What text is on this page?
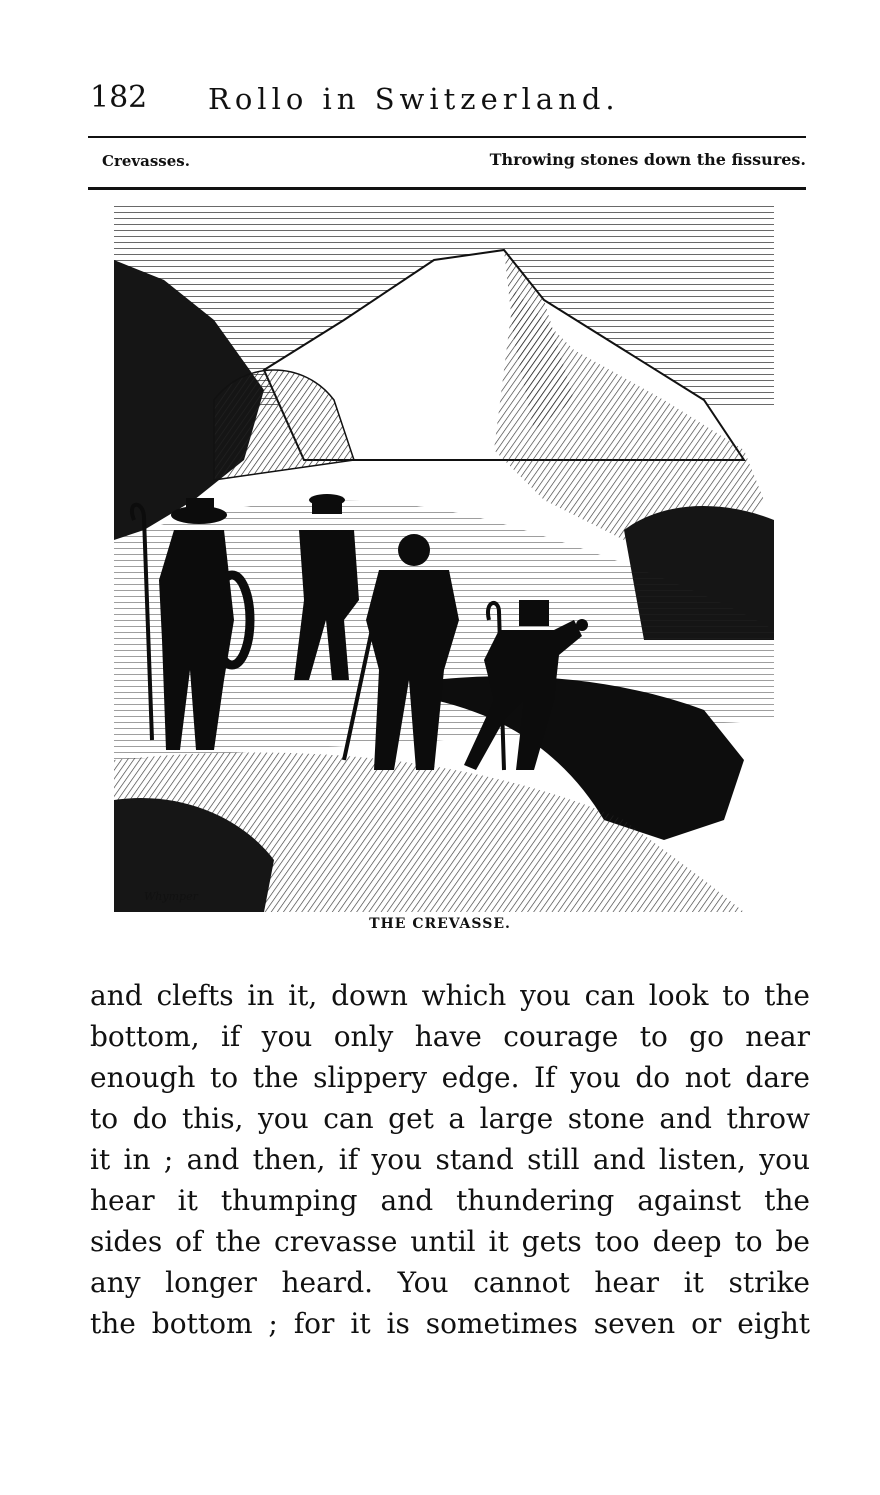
182 Rollo in Switzerland.
Crevasses.	Throwing stones down the fissures.
Whymper
THE CREVASSE.
and clefts in it, down which you can look to the
bottom, if you only have courage to go near
enough to the slippery edge. If you do not dare
to do this, you can get a large stone and throw
it in ; and then, if you stand still and listen, you
hear it thumping and thundering against the
sides of the crevasse until it gets too deep to be
any longer heard. You cannot hear it strike
the bottom ; for it is sometimes seven or eight
